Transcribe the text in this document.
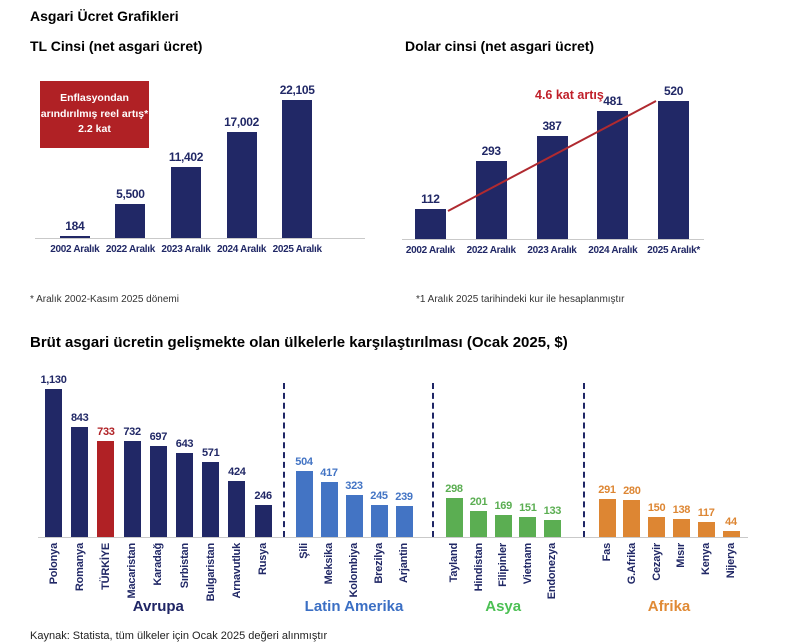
Asgari Ücret Grafikleri
TL Cinsi (net asgari ücret)	Dolar cinsi (net asgari ücret)
Enflasyondan
arındırılmış reel artış*
2.2 kat
4.6 kat artış
* Aralık 2002-Kasım 2025 dönemi	*1 Aralık 2025 tarihindeki kur ile hesaplanmıştır
Brüt asgari ücretin gelişmekte olan ülkelerle karşılaştırılması (Ocak 2025, $)
Kaynak: Statista, tüm ülkeler için Ocak 2025 değeri alınmıştır
184
2002 Aralık
5,500
2022 Aralık
11,402
2023 Aralık
17,002
2024 Aralık
22,105
2025 Aralık
112
2002 Aralık
293
2022 Aralık
387
2023 Aralık
481
2024 Aralık
520
2025 Aralık*
1,130
Polonya
843
Romanya
733
TÜRKİYE
732
Macaristan
697
Karadağ
643
Sırbistan
571
Bulgaristan
424
Arnavutluk
246
Rusya
Avrupa
504
Şili
417
Meksika
323
Kolombiya
245
Brezilya
239
Arjantin
Latin Amerika
298
Tayland
201
Hindistan
169
Filipinler
151
Vietnam
133
Endonezya
Asya
291
Fas
280
G.Afrika
150
Cezayir
138
Mısır
117
Kenya
44
Nijerya
Afrika
